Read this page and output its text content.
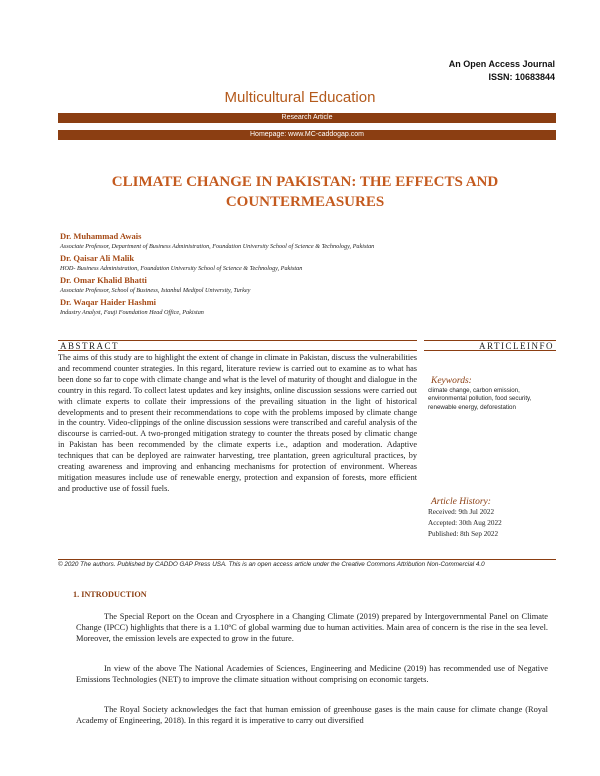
An Open Access Journal
ISSN: 10683844
Multicultural Education
Research Article
Homepage: www.MC-caddogap.com
CLIMATE CHANGE IN PAKISTAN: THE EFFECTS AND
COUNTERMEASURES
Dr. Muhammad Awais
Associate Professor, Department of Business Administration, Foundation University School of Science & Technology, Pakistan
Dr. Qaisar Ali Malik
HOD- Business Administration, Foundation University School of Science & Technology, Pakistan
Dr. Omar Khalid Bhatti
Associate Professor, School of Business, Istanbul Medipol University, Turkey
Dr. Waqar Haider Hashmi
Industry Analyst, Fauji Foundation Head Office, Pakistan
ABSTRACT	ARTICLEINFO

The aims of this study are to highlight the extent of change in climate in Pakistan, discuss the vulnerabilities and recommend counter strategies. In this regard, literature review is carried out to examine as to what has been done so far to cope with climate change and what is the level of maturity of thought and dialogue in the country in this regard. To collect latest updates and key insights, online discussion sessions were carried out with climate experts to collate their impressions of the prevailing situation in the light of historical developments and to present their recommendations to cope with the problems imposed by climate change in the country. Video-clippings of the online discussion sessions were transcribed and careful analysis of the discourse is carried-out. A two-pronged mitigation strategy to counter the threats posed by climatic change in Pakistan has been recommended by the climate experts i.e., adaption and moderation. Adaptive techniques that can be deployed are rainwater harvesting, tree plantation, green agricultural practices, by creating awareness and improving and enhancing mechanisms for protection of environment. Whereas mitigation measures include use of renewable energy, protection and expansion of forests, more efficient and productive use of fossil fuels.

Keywords:

climate change, carbon emission, environmental pollution, food security, renewable energy, deforestation

Article History:

Received: 9th Jul 2022
Accepted: 30th Aug 2022
Published: 8th Sep 2022
© 2020 The authors. Published by CADDO GAP Press USA. This is an open access article under the Creative Commons Attribution Non-Commercial 4.0
1. INTRODUCTION

The Special Report on the Ocean and Cryosphere in a Changing Climate (2019) prepared by Intergovernmental Panel on Climate Change (IPCC) highlights that there is a 1.10ºC of global warming due to human activities. Main area of concern is the rise in the sea level. Moreover, the emission levels are expected to grow in the future.

In view of the above The National Academies of Sciences, Engineering and Medicine (2019) has recommended use of Negative Emissions Technologies (NET) to improve the climate situation without comprising on economic targets.

The Royal Society acknowledges the fact that human emission of greenhouse gases is the main cause for climate change (Royal Academy of Engineering, 2018). In this regard it is imperative to carry out diversified
